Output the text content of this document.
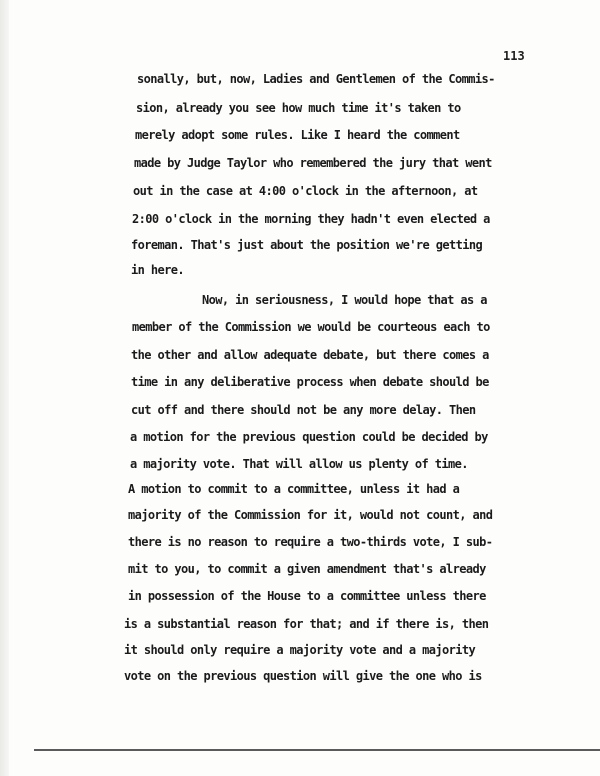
113
sonally, but, now, Ladies and Gentlemen of the Commis-
sion, already you see how much time it's taken to
merely adopt some rules. Like I heard the comment
made by Judge Taylor who remembered the jury that went
out in the case at 4:00 o'clock in the afternoon, at
2:00 o'clock in the morning they hadn't even elected a
foreman. That's just about the position we're getting
in here.
Now, in seriousness, I would hope that as a
member of the Commission we would be courteous each to
the other and allow adequate debate, but there comes a
time in any deliberative process when debate should be
cut off and there should not be any more delay. Then
a motion for the previous question could be decided by
a majority vote. That will allow us plenty of time.
A motion to commit to a committee, unless it had a
majority of the Commission for it, would not count, and
there is no reason to require a two-thirds vote, I sub-
mit to you, to commit a given amendment that's already
in possession of the House to a committee unless there
is a substantial reason for that; and if there is, then
it should only require a majority vote and a majority
vote on the previous question will give the one who is
